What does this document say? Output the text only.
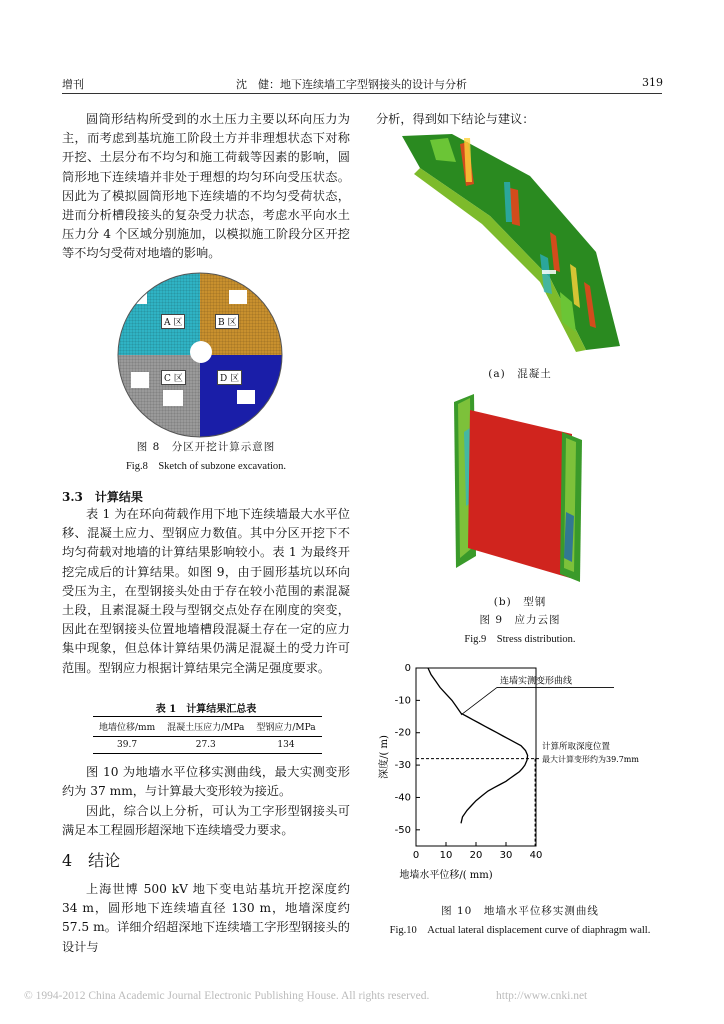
增刊	沈　健：地下连续墙工字型钢接头的设计与分析	319

圆筒形结构所受到的水土压力主要以环向压力为主，而考虑到基坑施工阶段土方并非理想状态下对称开挖、土层分布不均匀和施工荷载等因素的影响，圆筒形地下连续墙并非处于理想的均匀环向受压状态。因此为了模拟圆筒形地下连续墙的不均匀受荷状态，进而分析槽段接头的复杂受力状态，考虑水平向水土压力分 4 个区域分别施加，以模拟施工阶段分区开挖等不均匀受荷对地墙的影响。

A 区	B 区
C 区	D 区
图 8　分区开挖计算示意图
Fig.8　Sketch of subzone excavation.
3.3　计算结果

表 1 为在环向荷载作用下地下连续墙最大水平位移、混凝土应力、型钢应力数值。其中分区开挖下不均匀荷载对地墙的计算结果影响较小。表 1 为最终开挖完成后的计算结果。如图 9，由于圆形基坑以环向受压为主，在型钢接头处由于存在较小范围的素混凝土段，且素混凝土段与型钢交点处存在刚度的突变，因此在型钢接头位置地墙槽段混凝土存在一定的应力集中现象，但总体计算结果仍满足混凝土的受力许可范围。型钢应力根据计算结果完全满足强度要求。

表 1　计算结果汇总表
地墙位移/mm	混凝土压应力/MPa	型钢应力/MPa
39.7	27.3	134

图 10 为地墙水平位移实测曲线，最大实测变形约为 37 mm，与计算最大变形较为接近。

因此，综合以上分析，可认为工字形型钢接头可满足本工程圆形超深地下连续墙受力要求。

4　结论

上海世博 500 kV 地下变电站基坑开挖深度约 34 m，圆形地下连续墙直径 130 m，地墙深度约 57.5 m。详细介绍超深地下连续墙工字形型钢接头的设计与

分析，得到如下结论与建议：
(a)　混凝土
(b)　型钢
图 9　应力云图
Fig.9　Stress distribution.
0
-10
-20
-30
-40
-50
0 10 20 30 40
连墙实测变形曲线
计算所取深度位置
最大计算变形约为39.7mm
地墙水平位移/( mm)
深度/( m)
图 10　地墙水平位移实测曲线
Fig.10　Actual lateral displacement curve of diaphragm wall.
© 1994-2012 China Academic Journal Electronic Publishing House. All rights reserved.	http://www.cnki.net
